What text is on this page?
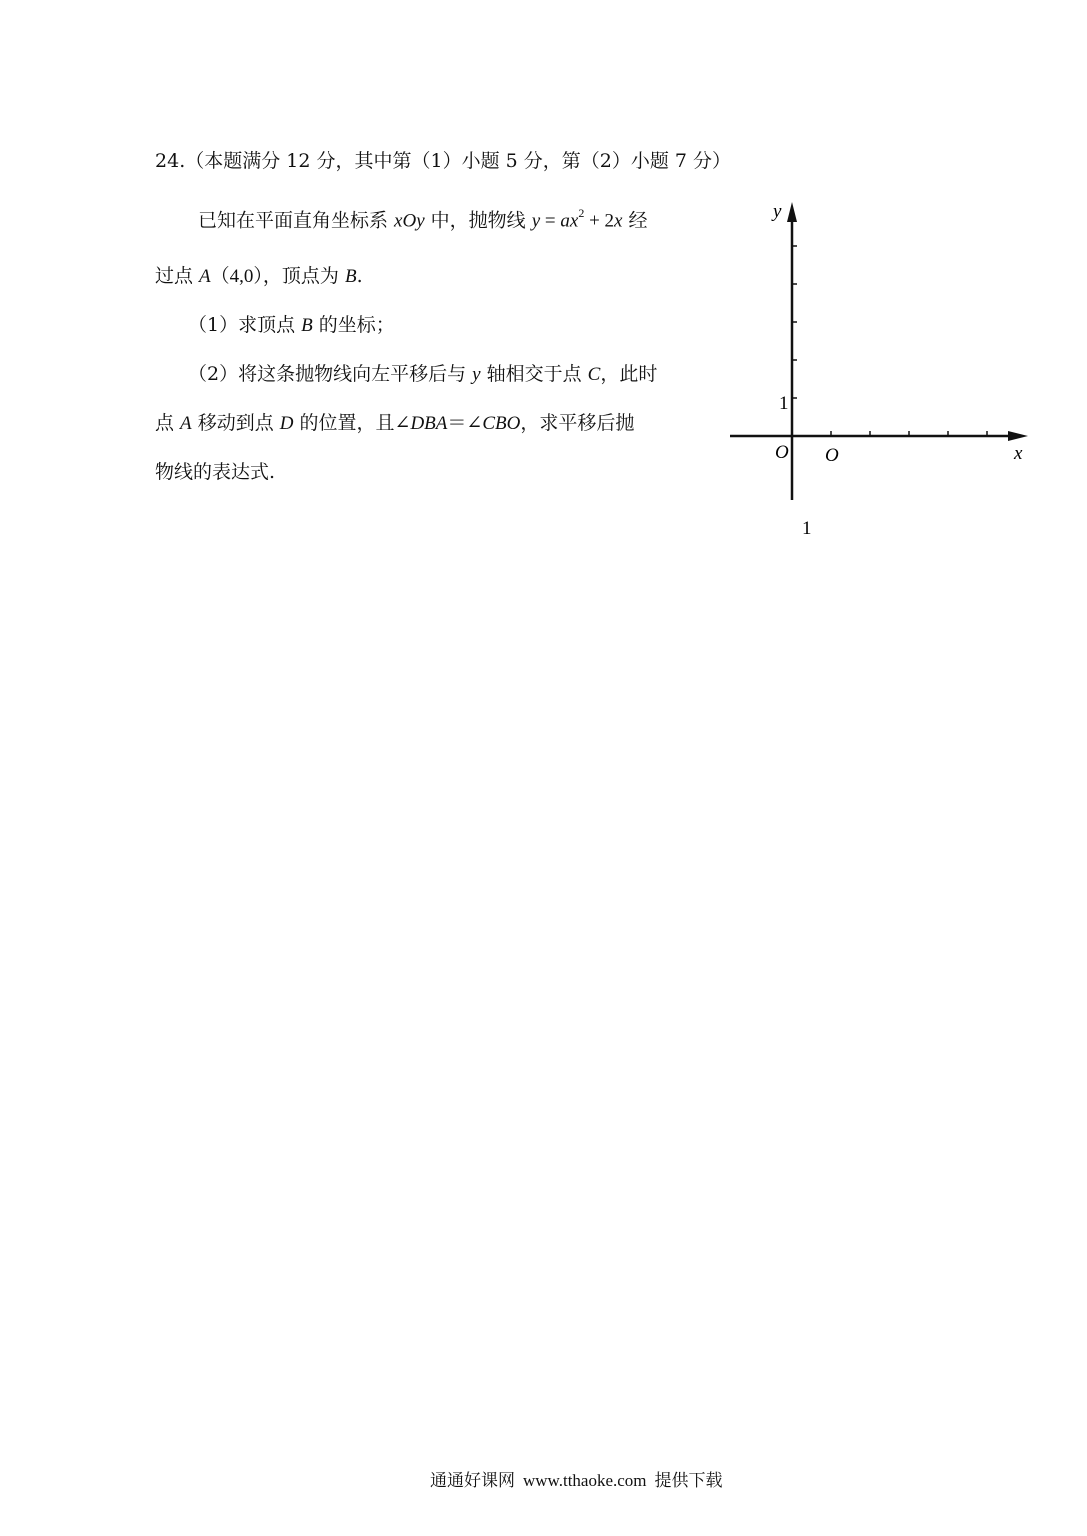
24.（本题满分 12 分，其中第（1）小题 5 分，第（2）小题 7 分）
已知在平面直角坐标系 xOy 中，抛物线 $y = ax^2 + 2x$ 经
过点 A（4,0），顶点为 B.
（1）求顶点 B 的坐标；
（2）将这条抛物线向左平移后与 y 轴相交于点 C，此时
点 A 移动到点 D 的位置，且∠DBA＝∠CBO，求平移后抛
物线的表达式.
y
x
1
O O
1
通通好课网 www.tthaoke.com 提供下载
